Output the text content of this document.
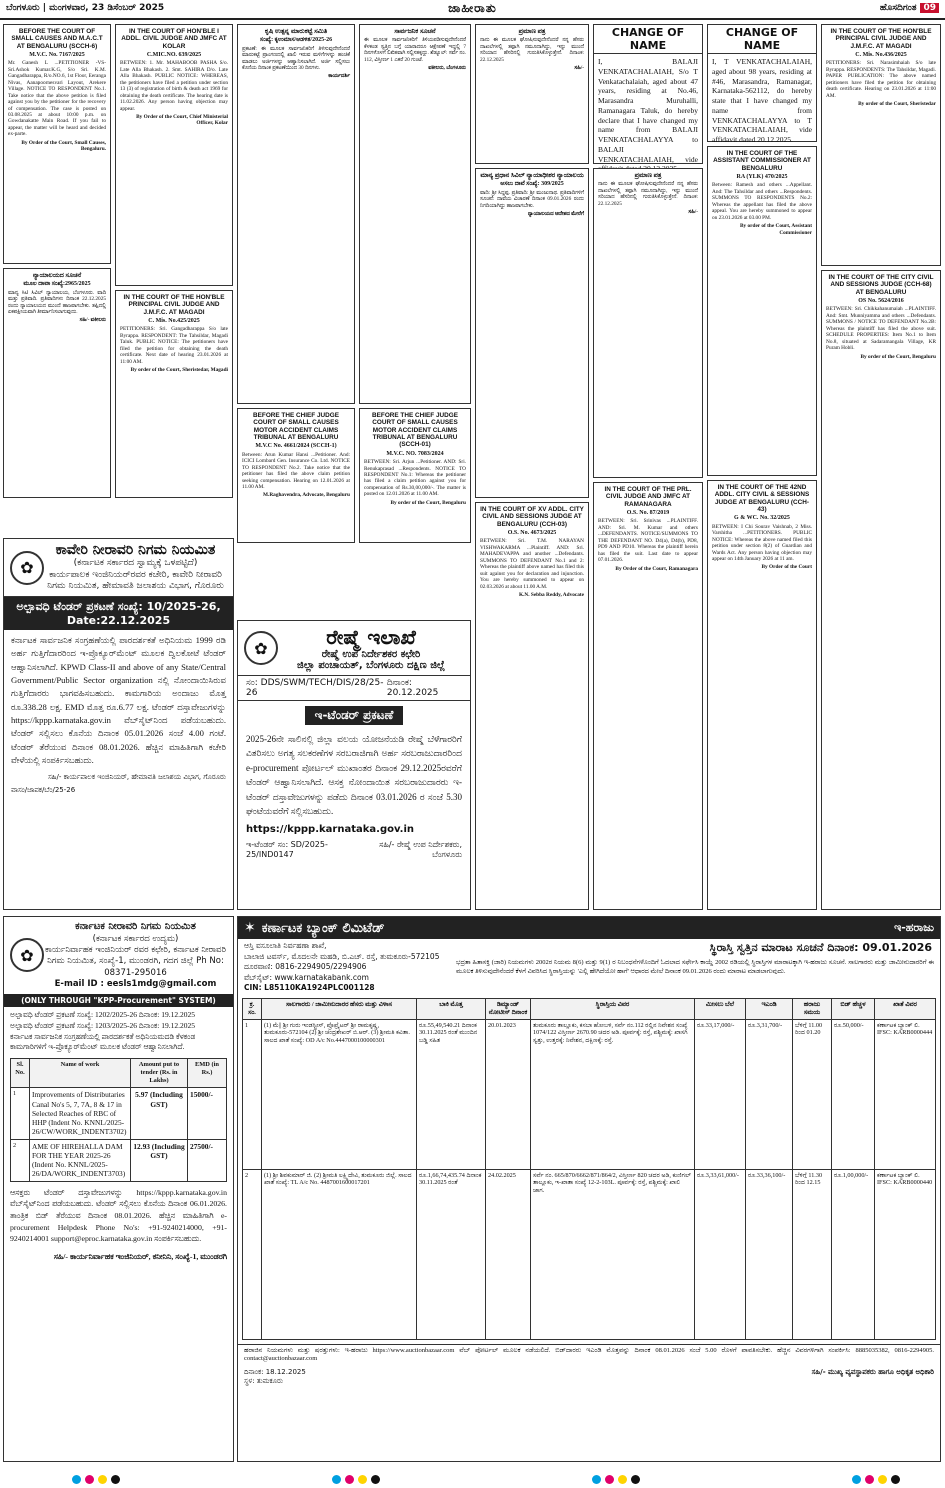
ಬೆಂಗಳೂರು | ಮಂಗಳವಾರ, 23 ಡಿಸೆಂಬರ್ 2025	ಜಾಹೀರಾತು	ಹೊಸದಿಗಂತ 09
BEFORE THE COURT OF SMALL CAUSES AND M.A.C.T AT BENGALURU (SCCH-6)
M.V.C. No. 7167/2025

Mr. Ganesh L ...PETITIONER -VS- Sri.Ashok Kumar.K.G, S/o Sri. K.M. Gangadharappa, R/o.NO.6, 1st Floor, Eeranga Nivas, Aanapoornesvari Layout, Arekere Village. NOTICE TO RESPONDENT No.1. Take notice that the above petition is filed against you by the petitioner for the recovery of compensation. The case is posted on 03.08.2025 at about 10:00 p.m. on Gowdanakatte Main Road. If you fail to appear, the matter will be heard and decided ex-parte.

By Order of the Court, Small Causes, Bengaluru.

ನ್ಯಾಯಾಲಯದ ಸೂಚನೆ
ಮೂಲ ದಾವಾ ಸಂಖ್ಯೆ:2965/2025

ಮಾನ್ಯ ಸಿಟಿ ಸಿವಿಲ್ ನ್ಯಾಯಾಲಯ, ಬೆಂಗಳೂರು. ವಾದಿ ಮತ್ತು ಪ್ರತಿವಾದಿ. ಪ್ರತಿವಾದಿಗಳು ದಿನಾಂಕ 22.12.2025 ರಂದು ನ್ಯಾಯಾಲಯದ ಮುಂದೆ ಹಾಜರಾಗಬೇಕು. ತಪ್ಪಿದಲ್ಲಿ ಏಕಪಕ್ಷೀಯವಾಗಿ ತೀರ್ಮಾನಿಸಲಾಗುವುದು.

ಸಹಿ/- ವಕೀಲರು

IN THE COURT OF HON'BLE I ADDL. CIVIL JUDGE AND JMFC AT KOLAR
C.MIC.NO. 639/2025

BETWEEN: 1. Mr. MAHABOOB PASHA S/o. Late Alla Bhakash. 2. Smt. SAHIRA D/o. Late Alla Bhakash. PUBLIC NOTICE: WHEREAS, the petitioners have filed a petition under section 13 (3) of registration of birth & death act 1969 for obtaining the death certificate. The hearing date is 11.02.2026. Any person having objection may appear.

By Order of the Court, Chief Ministerial Officer, Kolar

IN THE COURT OF THE HON'BLE PRINCIPAL CIVIL JUDGE AND J.M.F.C. AT MAGADI
C. Mis. No.425/2025

PETITIONERS: Sri. Gangadharappa S/o late Byrappa. RESPONDENT: The Tahsildar, Magadi Taluk. PUBLIC NOTICE: The petitioners have filed the petition for obtaining the death certificate. Next date of hearing 23.01.2026 at 11:00 AM.

By order of the Court, Sheristedar, Magadi

ಕೃಷಿ ಉತ್ಪನ್ನ ಮಾರುಕಟ್ಟೆ ಸಮಿತಿ
ಸಂಖ್ಯೆ: ಕೃಉಮಾಸ/ಆಡಳಿತ/2025-26

ಪ್ರಕಟಣೆ: ಈ ಮೂಲಕ ಸಾರ್ವಜನಿಕರಿಗೆ ತಿಳಿಸುವುದೇನೆಂದರೆ ಮಾರುಕಟ್ಟೆ ಪ್ರಾಂಗಣದಲ್ಲಿ ಖಾಲಿ ಇರುವ ಮಳಿಗೆಗಳನ್ನು ಹಂಚಿಕೆ ಮಾಡಲು ಅರ್ಜಿಗಳನ್ನು ಆಹ್ವಾನಿಸಲಾಗಿದೆ. ಅರ್ಜಿ ಸಲ್ಲಿಸಲು ಕೊನೆಯ ದಿನಾಂಕ ಪ್ರಕಟಣೆಯಿಂದ 30 ದಿನಗಳು.

ಕಾರ್ಯದರ್ಶಿ

BEFORE THE CHIEF JUDGE COURT OF SMALL CAUSES MOTOR ACCIDENT CLAIMS TRIBUNAL AT BENGALURU
M.V.C No. 4661/2024 (SCCH-1)

Between: Arun Kumar Hansi ...Petitioner. And: ICICI Lombard Gen. Insurance Co. Ltd. NOTICE TO RESPONDENT No.2. Take notice that the petitioner has filed the above claim petition seeking compensation. Hearing on 12.01.2026 at 11.00 AM.

M.Raghavendra, Advocate, Bengaluru

ಸಾರ್ವಜನಿಕ ಸೂಚನೆ

ಈ ಮೂಲಕ ಸಾರ್ವಜನಿಕರಿಗೆ ತಿಳಿಯಪಡಿಸುವುದೇನೆಂದರೆ ಕೆಳಕಂಡ ಸ್ವತ್ತಿನ ಬಗ್ಗೆ ಯಾರಾದರೂ ಆಕ್ಷೇಪಣೆ ಇದ್ದಲ್ಲಿ 7 ದಿನಗಳೊಳಗೆ ಲಿಖಿತವಾಗಿ ಸಲ್ಲಿಸತಕ್ಕದ್ದು. ಶೆಡ್ಯೂಲ್: ಸರ್ವೆ ನಂ. 112, ವಿಸ್ತೀರ್ಣ 1 ಎಕರೆ 20 ಗುಂಟೆ.

ವಕೀಲರು, ಬೆಂಗಳೂರು

BEFORE THE CHIEF JUDGE COURT OF SMALL CAUSES MOTOR ACCIDENT CLAIMS TRIBUNAL AT BENGALURU (SCCH-01)
M.V.C. NO. 7083/2024

BETWEEN: Sri. Arjun ...Petitioner. AND: Sri. Renukaprasad ...Respondents. NOTICE TO RESPONDENT No.1: Whereas the petitioner has filed a claim petition against you for compensation of Rs.30,00,000/-. The matter is posted on 12.01.2026 at 11.00 AM.

By order of the Court, Bengaluru

ಪ್ರಮಾಣ ಪತ್ರ

ನಾನು ಈ ಮೂಲಕ ಘೋಷಿಸುವುದೇನೆಂದರೆ ನನ್ನ ಹೆಸರು ದಾಖಲೆಗಳಲ್ಲಿ ತಪ್ಪಾಗಿ ನಮೂದಾಗಿದ್ದು, ಇನ್ನು ಮುಂದೆ ಸರಿಯಾದ ಹೆಸರಿನಲ್ಲಿ ಗುರುತಿಸಿಕೊಳ್ಳುತ್ತೇನೆ. ದಿನಾಂಕ: 22.12.2025

ಸಹಿ/-

ಮಾನ್ಯ ಪ್ರಧಾನ ಸಿವಿಲ್ ನ್ಯಾಯಾಧೀಶರ ನ್ಯಾಯಾಲಯ
ಅಸಲು ದಾವೆ ಸಂಖ್ಯೆ: 309/2025

ವಾದಿ: ಶ್ರೀ ಸಿದ್ದಪ್ಪ. ಪ್ರತಿವಾದಿ: ಶ್ರೀ ಮಂಜುನಾಥ. ಪ್ರತಿವಾದಿಗಳಿಗೆ ಸೂಚನೆ: ದಾವೆಯ ವಿಚಾರಣೆ ದಿನಾಂಕ 09.01.2026 ರಂದು ನಿಗದಿಯಾಗಿದ್ದು ಹಾಜರಾಗಬೇಕು.

ನ್ಯಾಯಾಲಯದ ಆದೇಶದ ಮೇರೆಗೆ

IN THE COURT OF XV ADDL. CITY CIVIL AND SESSIONS JUDGE AT BENGALURU (CCH-03)
O.S. No. 4673/2025

BETWEEN: Sri. T.M. NARAYAN VISHWAKARMA ...Plaintiff. AND: Sri. MAHADEVAPPA and another ...Defendants. SUMMONS TO DEFENDANT No.1 and 2: Whereas the plaintiff above named has filed this suit against you for declaration and injunction. You are hereby summoned to appear on 02.03.2026 at about 11.00 A.M.

K.N. Sebba Reddy, Advocate

CHANGE OF NAME
I, BALAJI VENKATACHALAIAH, S/o T Venkatachalaiah, aged about 47 years, residing at No.46, Marasandra Muruhalli, Ramanagara Taluk, do hereby declare that I have changed my name from BALAJI VENKATACHALAYYA to BALAJI VENKATACHALAIAH, vide
ಪ್ರಮಾಣ ಪತ್ರ

ನಾನು ಈ ಮೂಲಕ ಘೋಷಿಸುವುದೇನೆಂದರೆ ನನ್ನ ಹೆಸರು ದಾಖಲೆಗಳಲ್ಲಿ ತಪ್ಪಾಗಿ ನಮೂದಾಗಿದ್ದು, ಇನ್ನು ಮುಂದೆ ಸರಿಯಾದ ಹೆಸರಿನಲ್ಲಿ ಗುರುತಿಸಿಕೊಳ್ಳುತ್ತೇನೆ. ದಿನಾಂಕ: 22.12.2025

ಸಹಿ/-

IN THE COURT OF THE PRL. CIVIL JUDGE AND JMFC AT RAMANAGARA
O.S. No. 87/2019

BETWEEN: Sri. Srinivas ...PLAINTIFF. AND: Sri. M. Kumar and others ...DEFENDANTS. NOTICE/SUMMONS TO THE DEFENDANT NO. D4(a), D4(b), PD8, PD9 AND PD10. Whereas the plaintiff herein has filed the suit. Last date to appear 07.01.2026.

By Order of the Court, Ramanagara

CHANGE OF NAME
I, T VENKATACHALAIAH, aged about 98 years, residing at #46, Marasandra, Ramanagar, Karnataka-562112, do hereby state that I have changed my name from VENKATACHALAYYA to T VENKATACHALAIAH, vide affidavit dated 20.12.2025.
IN THE COURT OF THE ASSISTANT COMMISSIONER AT BENGALURU
RA (YLK) 470/2025

Between: Ramesh and others ...Appellant. And: The Tahsildar and others ...Respondents. SUMMONS TO RESPONDENTS No.2: Whereas the appellant has filed the above appeal. You are hereby summoned to appear on 23.01.2026 at 03.00 PM.

By order of the Court, Assistant Commissioner

IN THE COURT OF THE 42ND ADDL. CITY CIVIL & SESSIONS JUDGE AT BENGALURU (CCH-43)
G & WC. No. 32/2025

BETWEEN: I Chi Sourav Vaishnab, 2 Miss. Varshitha ...PETITIONERS. PUBLIC NOTICE: Whereas the above named filed this petition under section 8(2) of Guardian and Wards Act. Any person having objection may appear on 14th January 2026 at 11 am.

By Order of the Court

IN THE COURT OF THE HON'BLE PRINCIPAL CIVIL JUDGE AND J.M.F.C. AT MAGADI
C. Mis. No.436/2025

PETITIONERS: Sri. Narasimhaiah S/o late Byrappa. RESPONDENTS: The Tahsildar, Magadi. PAPER PUBLICATION: The above named petitioners have filed the petition for obtaining death certificate. Hearing on 23.01.2026 at 11:00 AM.

By order of the Court, Sheristedar

IN THE COURT OF THE CITY CIVIL AND SESSIONS JUDGE (CCH-68) AT BENGALURU
OS No. 5624/2016

BETWEEN: Sri. Chikkahanumaiah ...PLAINTIFF. And: Smt. Munniyamma and others ...Defendants. SUMMONS / NOTICE TO DEFENDANT No.2B: Whereas the plaintiff has filed the above suit. SCHEDULE PROPERTIES: Item No.1 to Item No.8, situated at Sadaramangala Village, KR Puram Hobli.

By order of the Court, Bengaluru

✿
ಕಾವೇರಿ ನೀರಾವರಿ ನಿಗಮ ನಿಯಮಿತ
(ಕರ್ನಾಟಕ ಸರ್ಕಾರದ ಸ್ವಾಮ್ಯಕ್ಕೆ ಒಳಪಟ್ಟಿದೆ)
ಕಾರ್ಯಪಾಲಕ ಇಂಜಿನಿಯರ್‌ರವರ ಕಚೇರಿ, ಕಾವೇರಿ ನೀರಾವರಿ ನಿಗಮ ನಿಯಮಿತ, ಹೇಮಾವತಿ ಜಲಾಶಯ ವಿಭಾಗ, ಗೊರೂರು
ಅಲ್ಪಾವಧಿ ಟೆಂಡರ್ ಪ್ರಕಟಣೆ ಸಂಖ್ಯೆ: 10/2025-26, Date:22.12.2025
ಕರ್ನಾಟಕ ಸಾರ್ವಜನಿಕ ಸಂಗ್ರಹಣೆಯಲ್ಲಿ ಪಾರದರ್ಶಕತೆ ಅಧಿನಿಯಮ 1999 ರಡಿ ಅರ್ಹ ಗುತ್ತಿಗೆದಾರರಿಂದ ಇ-ಪ್ರೊಕ್ಯೂರ್‌ಮೆಂಟ್ ಮೂಲಕ ದ್ವಿಲಕೋಟೆ ಟೆಂಡರ್ ಆಹ್ವಾನಿಸಲಾಗಿದೆ. KPWD Class-II and above of any State/Central Government/Public Sector organization ನಲ್ಲಿ ನೋಂದಾಯಿಸಿರುವ ಗುತ್ತಿಗೆದಾರರು ಭಾಗವಹಿಸಬಹುದು. ಕಾಮಗಾರಿಯ ಅಂದಾಜು ಮೊತ್ತ ರೂ.338.28 ಲಕ್ಷ. EMD ಮೊತ್ತ ರೂ.6.77 ಲಕ್ಷ. ಟೆಂಡರ್ ದಸ್ತಾವೇಜುಗಳನ್ನು https://kppp.karnataka.gov.in ವೆಬ್‌ಸೈಟ್‌ನಿಂದ ಪಡೆಯಬಹುದು. ಟೆಂಡರ್ ಸಲ್ಲಿಸಲು ಕೊನೆಯ ದಿನಾಂಕ 05.01.2026 ಸಂಜೆ 4.00 ಗಂಟೆ. ಟೆಂಡರ್ ತೆರೆಯುವ ದಿನಾಂಕ 08.01.2026. ಹೆಚ್ಚಿನ ಮಾಹಿತಿಗಾಗಿ ಕಚೇರಿ ವೇಳೆಯಲ್ಲಿ ಸಂಪರ್ಕಿಸಬಹುದು.
ಸಹಿ/- ಕಾರ್ಯಪಾಲಕ ಇಂಜಿನಿಯರ್, ಹೇಮಾವತಿ ಜಲಾಶಯ ವಿಭಾಗ, ಗೊರೂರು
ವಾಸಂ/ಜಾಪಕ/ಬೆಂ/25-26
✿	ರೇಷ್ಮೆ ಇಲಾಖೆ
ರೇಷ್ಮೆ ಉಪ ನಿರ್ದೇಶಕರ ಕಛೇರಿ
ಜಿಲ್ಲಾ ಪಂಚಾಯತ್, ಬೆಂಗಳೂರು ದಕ್ಷಿಣ ಜಿಲ್ಲೆ
ಸಂ: DDS/SWM/TECH/DIS/28/25-26
ದಿನಾಂಕ: 20.12.2025
ಇ-ಟೆಂಡರ್ ಪ್ರಕಟಣೆ
2025-26ನೇ ಸಾಲಿನಲ್ಲಿ ಜಿಲ್ಲಾ ವಲಯ ಯೋಜನೆಯಡಿ ರೇಷ್ಮೆ ಬೆಳೆಗಾರರಿಗೆ ವಿತರಿಸಲು ಅಗತ್ಯ ಸಲಕರಣೆಗಳ ಸರಬರಾಜಿಗಾಗಿ ಅರ್ಹ ಸರಬರಾಜುದಾರರಿಂದ e-procurement ಪೋರ್ಟಲ್ ಮುಖಾಂತರ ದಿನಾಂಕ 29.12.2025ರವರೆಗೆ ಟೆಂಡರ್ ಆಹ್ವಾನಿಸಲಾಗಿದೆ. ಆಸಕ್ತ ನೋಂದಾಯಿತ ಸರಬರಾಜುದಾರರು ಇ-ಟೆಂಡರ್ ದಸ್ತಾವೇಜುಗಳನ್ನು ಪಡೆದು ದಿನಾಂಕ 03.01.2026 ರ ಸಂಜೆ 5.30 ಘಂಟೆಯವರೆಗೆ ಸಲ್ಲಿಸಬಹುದು.
https://kppp.karnataka.gov.in
ಇ-ಟೆಂಡರ್ ಸಂ: SD/2025-25/IND0147
ಸಹಿ/- ರೇಷ್ಮೆ ಉಪ ನಿರ್ದೇಶಕರು, ಬೆಂಗಳೂರು
✿
ಕರ್ನಾಟಕ ನೀರಾವರಿ ನಿಗಮ ನಿಯಮಿತ
(ಕರ್ನಾಟಕ ಸರ್ಕಾರದ ಉದ್ಯಮ)
ಕಾರ್ಯನಿರ್ವಾಹಕ ಇಂಜಿನಿಯರ್ ರವರ ಕಛೇರಿ, ಕರ್ನಾಟಕ ನೀರಾವರಿ ನಿಗಮ ನಿಯಮಿತ, ಸಂಖ್ಯೆ-1, ಮುಂಡರಗಿ, ಗದಗ ಜಿಲ್ಲೆ Ph No: 08371-295016
E-mail ID : eesls1mdg@gmail.com
(ONLY THROUGH "KPP-Procurement" SYSTEM)
ಅಲ್ಪಾವಧಿ ಟೆಂಡರ್ ಪ್ರಕಟಣೆ ಸಂಖ್ಯೆ: 1202/2025-26 ದಿನಾಂಕ: 19.12.2025
ಅಲ್ಪಾವಧಿ ಟೆಂಡರ್ ಪ್ರಕಟಣೆ ಸಂಖ್ಯೆ: 1203/2025-26 ದಿನಾಂಕ: 19.12.2025
ಕರ್ನಾಟಕ ಸಾರ್ವಜನಿಕ ಸಂಗ್ರಹಣೆಯಲ್ಲಿ ಪಾರದರ್ಶಕತೆ ಅಧಿನಿಯಮದಡಿ ಕೆಳಕಂಡ ಕಾಮಗಾರಿಗಳಿಗೆ ಇ-ಪ್ರೊಕ್ಯೂರ್‌ಮೆಂಟ್ ಮೂಲಕ ಟೆಂಡರ್ ಆಹ್ವಾನಿಸಲಾಗಿದೆ.
Sl. No.	Name of work	Amount put to tender (Rs. in Lakhs)	EMD (in Rs.)
1	Improvements of Distributaries Canal No's 5, 7, 7A, 8 & 17 in Selected Reaches of RBC of HHP (Indent No. KNNL/2025-26/CW/WORK_INDENT3702)	5.97 (Including GST)	15000/-
2	AME OF HIREHALLA DAM FOR THE YEAR 2025-26 (Indent No. KNNL/2025-26/DA/WORK_INDENT3703)	12.93 (Including GST)	27500/-
ಆಸಕ್ತರು ಟೆಂಡರ್ ದಸ್ತಾವೇಜುಗಳನ್ನು https://kppp.karnataka.gov.in ವೆಬ್‌ಸೈಟ್‌ನಿಂದ ಪಡೆಯಬಹುದು. ಟೆಂಡರ್ ಸಲ್ಲಿಸಲು ಕೊನೆಯ ದಿನಾಂಕ 06.01.2026. ತಾಂತ್ರಿಕ ಬಿಡ್ ತೆರೆಯುವ ದಿನಾಂಕ 08.01.2026. ಹೆಚ್ಚಿನ ಮಾಹಿತಿಗಾಗಿ e-procurement Helpdesk Phone No's: +91-9240214000, +91-9240214001 support@eproc.karnataka.gov.in ಸಂಪರ್ಕಿಸಬಹುದು.
ಸಹಿ/- ಕಾರ್ಯನಿರ್ವಾಹಕ ಇಂಜಿನಿಯರ್, ಕನೀನಿನಿ, ಸಂಖ್ಯೆ-1, ಮುಂಡರಗಿ
✶ ಕರ್ಣಾಟಕ ಬ್ಯಾಂಕ್ ಲಿಮಿಟೆಡ್	ಇ-ಹರಾಜು
ಆಸ್ತಿ ವಸೂಲಾತಿ ನಿರ್ವಹಣಾ ಶಾಖೆ,
ಬಾಲಾಜಿ ಟವರ್ಸ್, ಮೊದಲನೇ ಮಹಡಿ, ಬಿ.ಎಚ್. ರಸ್ತೆ, ತುಮಕೂರು-572105
ದೂರವಾಣಿ: 0816-2294905/2294906
ವೆಬ್‌ಸೈಟ್: www.karnatakabank.com
CIN: L85110KA1924PLC001128
ಸ್ಥಿರಾಸ್ತಿ ಸ್ವತ್ತಿನ ಮಾರಾಟ ಸೂಚನೆ ದಿನಾಂಕ: 09.01.2026
ಭದ್ರತಾ ಹಿತಾಸಕ್ತಿ (ಜಾರಿ) ನಿಯಮಗಳು 2002ರ ನಿಯಮ 8(6) ಮತ್ತು 9(1) ರ ನಿಬಂಧನೆಗಳೊಂದಿಗೆ ಓದಲಾದ ಸರ್ಫೇಸಿ ಕಾಯ್ದೆ 2002 ರಡಿಯಲ್ಲಿ ಸ್ಥಿರಾಸ್ತಿಗಳ ಮಾರಾಟಕ್ಕಾಗಿ ಇ-ಹರಾಜು ಸೂಚನೆ. ಸಾಲಗಾರರು ಮತ್ತು ಜಾಮೀನುದಾರರಿಗೆ ಈ ಮೂಲಕ ತಿಳಿಸುವುದೇನೆಂದರೆ ಕೆಳಗೆ ವಿವರಿಸಿದ ಸ್ಥಿರಾಸ್ತಿಯನ್ನು 'ಎಲ್ಲಿ ಹೇಗಿದೆಯೋ ಹಾಗೆ' ಆಧಾರದ ಮೇಲೆ ದಿನಾಂಕ 09.01.2026 ರಂದು ಮಾರಾಟ ಮಾಡಲಾಗುವುದು.
ಕ್ರ. ಸಂ.	ಸಾಲಗಾರರು / ಜಾಮೀನುದಾರರ ಹೆಸರು ಮತ್ತು ವಿಳಾಸ	ಬಾಕಿ ಮೊತ್ತ	ಡಿಮ್ಯಾಂಡ್ ನೋಟೀಸ್ ದಿನಾಂಕ	ಸ್ಥಿರಾಸ್ತಿಯ ವಿವರ	ಮೀಸಲು ಬೆಲೆ	ಇಎಂಡಿ	ಹರಾಜು ಸಮಯ	ಬಿಡ್ ಹೆಚ್ಚಳ	ಖಾತೆ ವಿವರ
1	(1) ಮೆ|| ಶ್ರೀ ಗುರು ಇಂಡಸ್ಟ್ರೀಸ್, ಪ್ರೊಪ್ರೈಟರ್ ಶ್ರೀ ರಾಮಕೃಷ್ಣ, ತುಮಕೂರು-572104 (2) ಶ್ರೀ ಚಂದ್ರಶೇಖರ್ ಬಿ.ಆರ್. (3) ಶ್ರೀಮತಿ ಕವಿತಾ. ಸಾಲದ ಖಾತೆ ಸಂಖ್ಯೆ: OD A/c No.4447000100000301	ರೂ.55,49,540.21 ದಿನಾಂಕ 30.11.2025 ರಂತೆ ಮುಂದಿನ ಬಡ್ಡಿ ಸಹಿತ	20.01.2023	ತುಮಕೂರು ತಾಲ್ಲೂಕು, ಕಸಬಾ ಹೋಬಳಿ, ಸರ್ವೆ ನಂ.112 ರಲ್ಲಿನ ನಿವೇಶನ ಸಂಖ್ಯೆ 1074/122 ವಿಸ್ತೀರ್ಣ 2670.90 ಚದರ ಅಡಿ. ಪೂರ್ವಕ್ಕೆ: ರಸ್ತೆ, ಪಶ್ಚಿಮಕ್ಕೆ: ಖಾಸಗಿ ಸ್ವತ್ತು, ಉತ್ತರಕ್ಕೆ: ನಿವೇಶನ, ದಕ್ಷಿಣಕ್ಕೆ: ರಸ್ತೆ.	ರೂ.33,17,000/-	ರೂ.3,31,700/-	ಬೆಳಿಗ್ಗೆ 11.00 ರಿಂದ 01.20	ರೂ.50,000/-	ಕರ್ಣಾಟಕ ಬ್ಯಾಂಕ್ ಲಿ. IFSC: KARB0000444
2	(1) ಶ್ರೀ ಶಿವಕುಮಾರ್ ಜಿ. (2) ಶ್ರೀಮತಿ ಲಕ್ಷ್ಮಿದೇವಿ, ತುಮಕೂರು ಜಿಲ್ಲೆ. ಸಾಲದ ಖಾತೆ ಸಂಖ್ಯೆ: TL A/c No. 4487001600017201	ರೂ.1,66,74,435.74 ದಿನಾಂಕ 30.11.2025 ರಂತೆ	24.02.2025	ಸರ್ವೆ ನಂ. 665/870/6662/871/864/2, ವಿಸ್ತೀರ್ಣ 820 ಚದರ ಅಡಿ, ಕುಣಿಗಲ್ ತಾಲ್ಲೂಕು, ಇ-ಖಾತಾ ಸಂಖ್ಯೆ 12-2-103L. ಪೂರ್ವಕ್ಕೆ: ರಸ್ತೆ, ಪಶ್ಚಿಮಕ್ಕೆ: ಖಾಲಿ ಜಾಗ.	ರೂ.3,33,61,000/-	ರೂ.33,36,100/-	ಬೆಳಿಗ್ಗೆ 11.30 ರಿಂದ 12.15	ರೂ.1,00,000/-	ಕರ್ಣಾಟಕ ಬ್ಯಾಂಕ್ ಲಿ. IFSC: KARB0000440
ಹರಾಜಿನ ನಿಯಮಗಳು ಮತ್ತು ಷರತ್ತುಗಳು: ಇ-ಹರಾಜು https://www.auctionbazaar.com ವೆಬ್ ಪೋರ್ಟಲ್ ಮೂಲಕ ನಡೆಯಲಿದೆ. ಬಿಡ್‌ದಾರರು ಇಎಂಡಿ ಮೊತ್ತವನ್ನು ದಿನಾಂಕ 08.01.2026 ಸಂಜೆ 5.00 ರೊಳಗೆ ಪಾವತಿಸಬೇಕು. ಹೆಚ್ಚಿನ ವಿವರಗಳಿಗಾಗಿ ಸಂಪರ್ಕಿಸಿ: 8885035382, 0816-2294905. contact@auctionbazaar.com
ದಿನಾಂಕ: 18.12.2025
ಸ್ಥಳ: ತುಮಕೂರು
ಸಹಿ/- ಮುಖ್ಯ ವ್ಯವಸ್ಥಾಪಕರು ಹಾಗೂ ಅಧಿಕೃತ ಅಧಿಕಾರಿ
